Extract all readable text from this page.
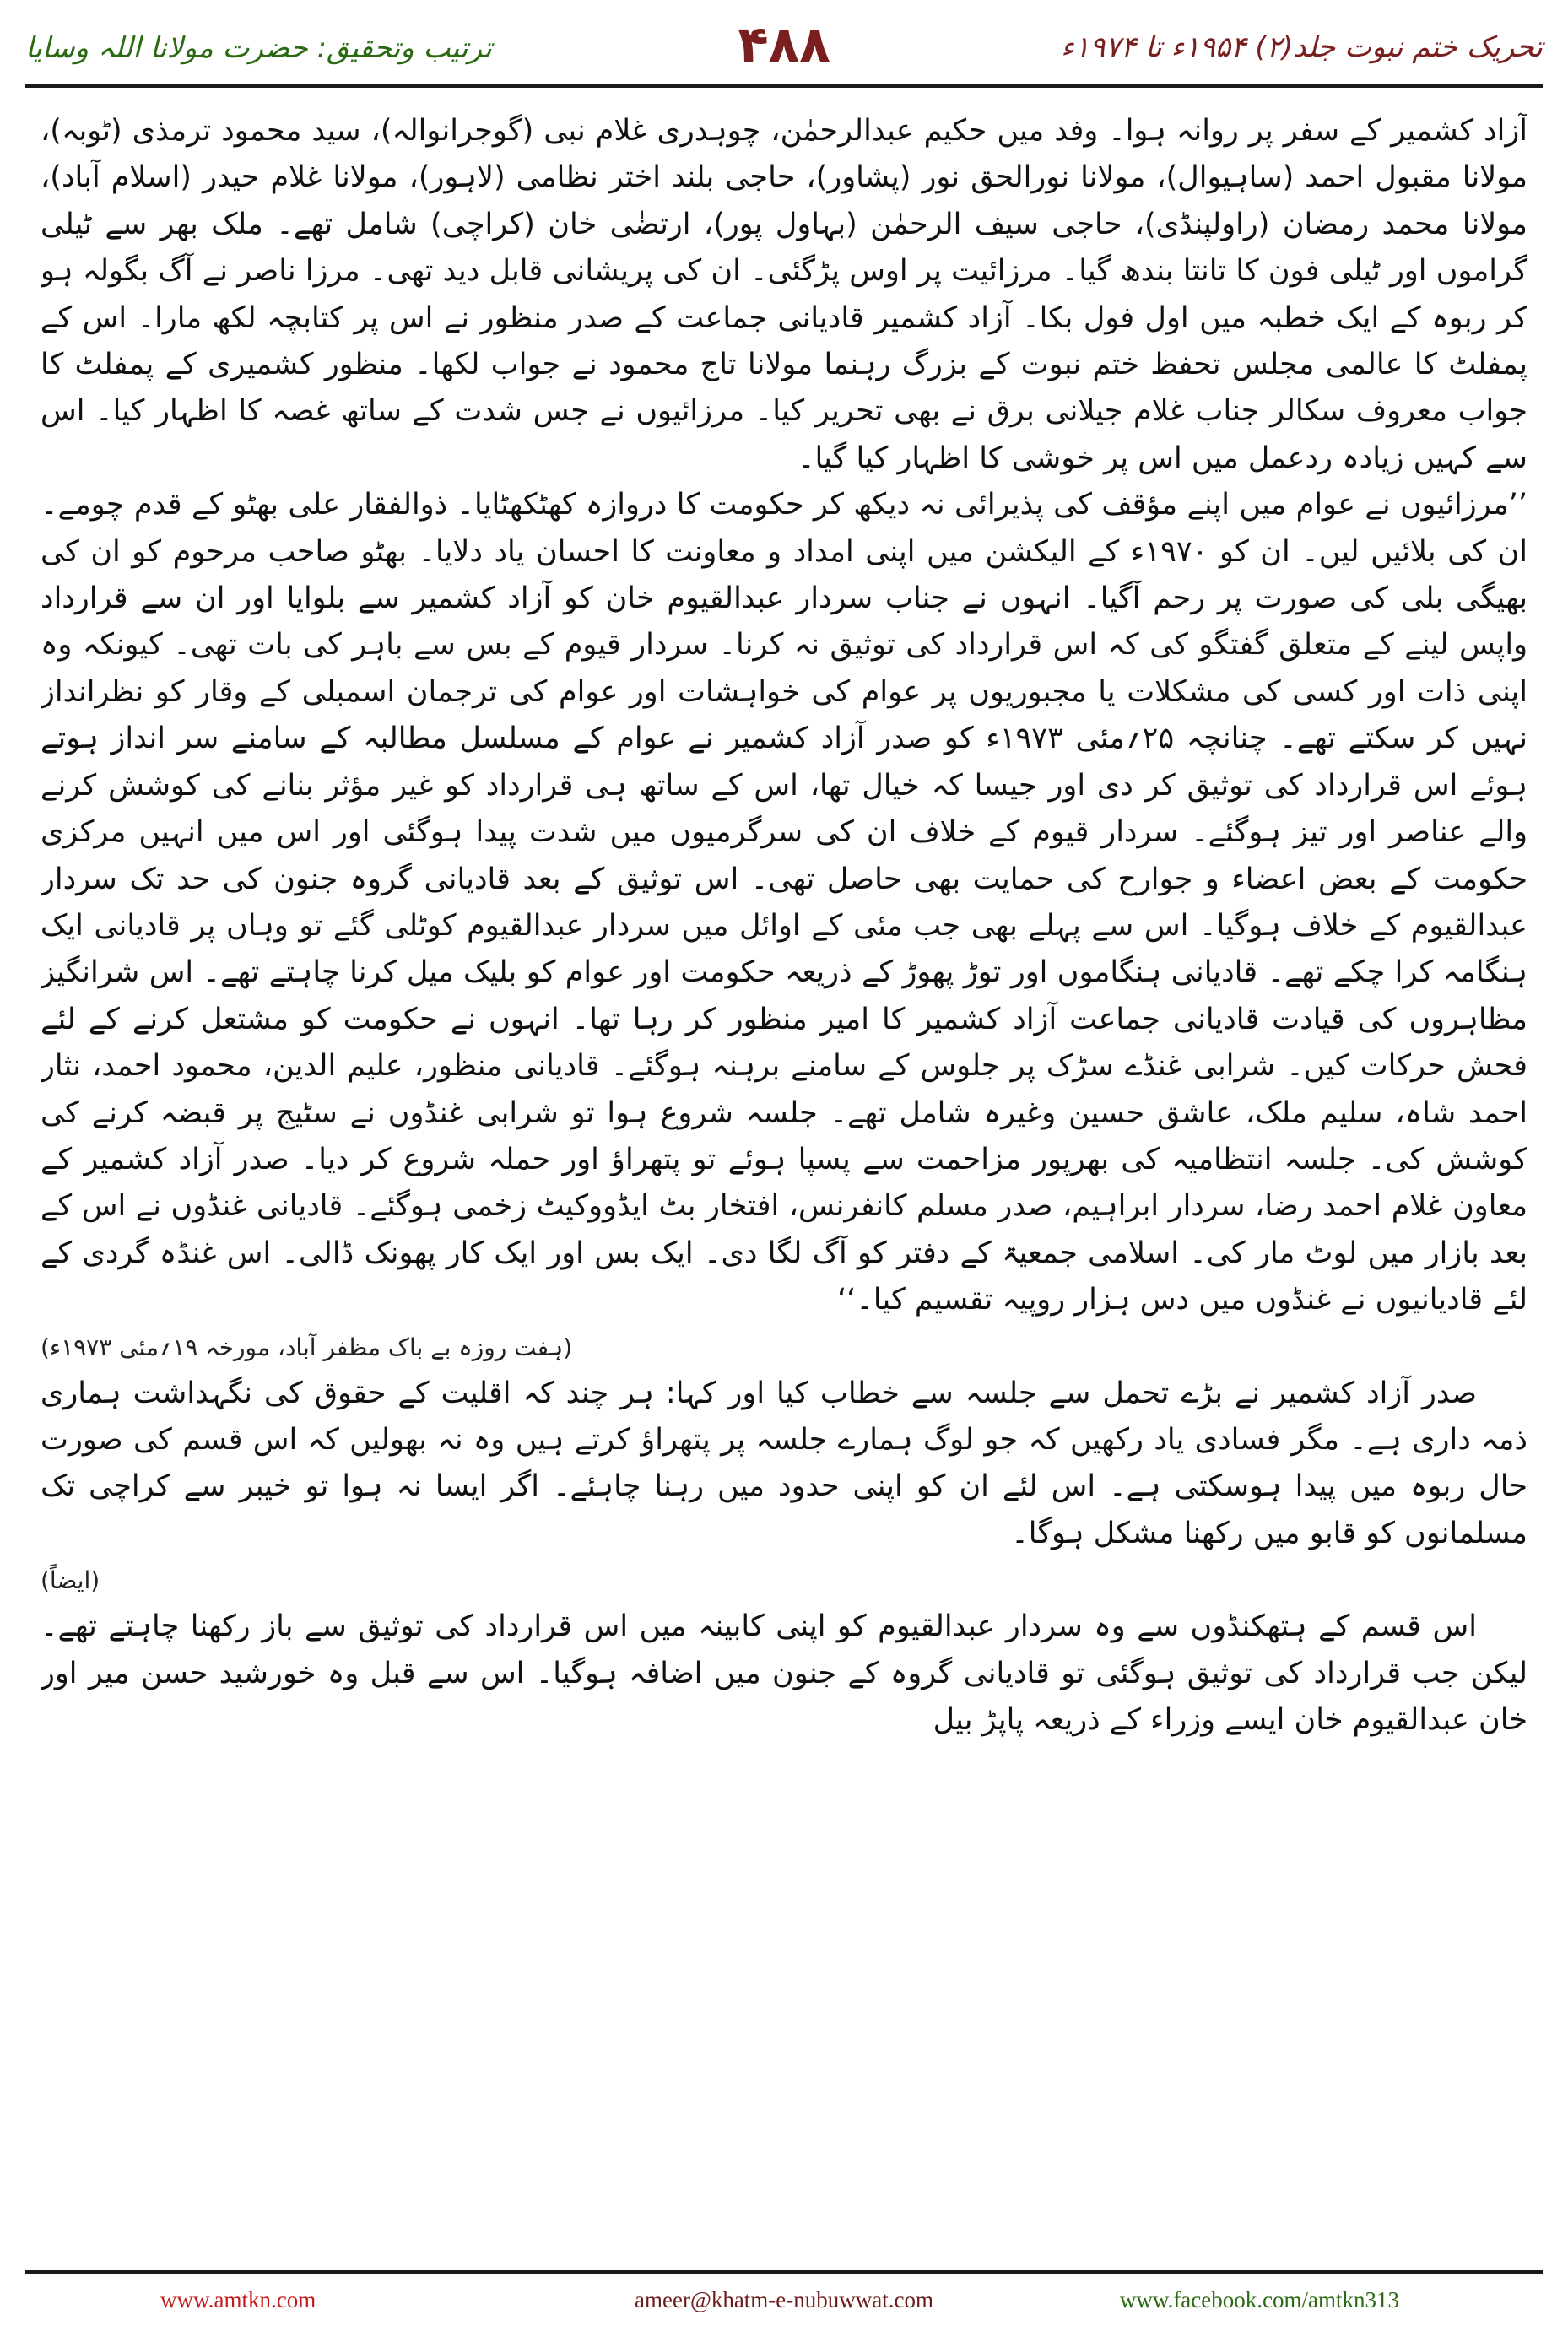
تحریک ختم نبوت جلد(۲) ۱۹۵۴ء تا ۱۹۷۴ء
۴۸۸
ترتیب وتحقیق: حضرت مولانا اللہ وسایا

آزاد کشمیر کے سفر پر روانہ ہوا۔ وفد میں حکیم عبدالرحمٰن، چوہدری غلام نبی (گوجرانوالہ)، سید محمود ترمذی (ٹوبہ)، مولانا مقبول احمد (ساہیوال)، مولانا نورالحق نور (پشاور)، حاجی بلند اختر نظامی (لاہور)، مولانا غلام حیدر (اسلام آباد)، مولانا محمد رمضان (راولپنڈی)، حاجی سیف الرحمٰن (بہاول پور)، ارتضٰی خان (کراچی) شامل تھے۔ ملک بھر سے ٹیلی گراموں اور ٹیلی فون کا تانتا بندھ گیا۔ مرزائیت پر اوس پڑگئی۔ ان کی پریشانی قابل دید تھی۔ مرزا ناصر نے آگ بگولہ ہو کر ربوہ کے ایک خطبہ میں اول فول بکا۔ آزاد کشمیر قادیانی جماعت کے صدر منظور نے اس پر کتابچہ لکھ مارا۔ اس کے پمفلٹ کا عالمی مجلس تحفظ ختم نبوت کے بزرگ رہنما مولانا تاج محمود نے جواب لکھا۔ منظور کشمیری کے پمفلٹ کا جواب معروف سکالر جناب غلام جیلانی برق نے بھی تحریر کیا۔ مرزائیوں نے جس شدت کے ساتھ غصہ کا اظہار کیا۔ اس سے کہیں زیادہ ردعمل میں اس پر خوشی کا اظہار کیا گیا۔

’’مرزائیوں نے عوام میں اپنے مؤقف کی پذیرائی نہ دیکھ کر حکومت کا دروازہ کھٹکھٹایا۔ ذوالفقار علی بھٹو کے قدم چومے۔ ان کی بلائیں لیں۔ ان کو ۱۹۷۰ء کے الیکشن میں اپنی امداد و معاونت کا احسان یاد دلایا۔ بھٹو صاحب مرحوم کو ان کی بھیگی بلی کی صورت پر رحم آگیا۔ انہوں نے جناب سردار عبدالقیوم خان کو آزاد کشمیر سے بلوایا اور ان سے قرارداد واپس لینے کے متعلق گفتگو کی کہ اس قرارداد کی توثیق نہ کرنا۔ سردار قیوم کے بس سے باہر کی بات تھی۔ کیونکہ وہ اپنی ذات اور کسی کی مشکلات یا مجبوریوں پر عوام کی خواہشات اور عوام کی ترجمان اسمبلی کے وقار کو نظرانداز نہیں کر سکتے تھے۔ چنانچہ ۲۵؍مئی ۱۹۷۳ء کو صدر آزاد کشمیر نے عوام کے مسلسل مطالبہ کے سامنے سر انداز ہوتے ہوئے اس قرارداد کی توثیق کر دی اور جیسا کہ خیال تھا، اس کے ساتھ ہی قرارداد کو غیر مؤثر بنانے کی کوشش کرنے والے عناصر اور تیز ہوگئے۔ سردار قیوم کے خلاف ان کی سرگرمیوں میں شدت پیدا ہوگئی اور اس میں انہیں مرکزی حکومت کے بعض اعضاء و جوارح کی حمایت بھی حاصل تھی۔ اس توثیق کے بعد قادیانی گروہ جنون کی حد تک سردار عبدالقیوم کے خلاف ہوگیا۔ اس سے پہلے بھی جب مئی کے اوائل میں سردار عبدالقیوم کوٹلی گئے تو وہاں پر قادیانی ایک ہنگامہ کرا چکے تھے۔ قادیانی ہنگاموں اور توڑ پھوڑ کے ذریعہ حکومت اور عوام کو بلیک میل کرنا چاہتے تھے۔ اس شرانگیز مظاہروں کی قیادت قادیانی جماعت آزاد کشمیر کا امیر منظور کر رہا تھا۔ انہوں نے حکومت کو مشتعل کرنے کے لئے فحش حرکات کیں۔ شرابی غنڈے سڑک پر جلوس کے سامنے برہنہ ہوگئے۔ قادیانی منظور، علیم الدین، محمود احمد، نثار احمد شاہ، سلیم ملک، عاشق حسین وغیرہ شامل تھے۔ جلسہ شروع ہوا تو شرابی غنڈوں نے سٹیج پر قبضہ کرنے کی کوشش کی۔ جلسہ انتظامیہ کی بھرپور مزاحمت سے پسپا ہوئے تو پتھراؤ اور حملہ شروع کر دیا۔ صدر آزاد کشمیر کے معاون غلام احمد رضا، سردار ابراہیم، صدر مسلم کانفرنس، افتخار بٹ ایڈووکیٹ زخمی ہوگئے۔ قادیانی غنڈوں نے اس کے بعد بازار میں لوٹ مار کی۔ اسلامی جمعیۃ کے دفتر کو آگ لگا دی۔ ایک بس اور ایک کار پھونک ڈالی۔ اس غنڈہ گردی کے لئے قادیانیوں نے غنڈوں میں دس ہزار روپیہ تقسیم کیا۔‘‘

(ہفت روزہ بے باک مظفر آباد، مورخہ ۱۹؍مئی ۱۹۷۳ء)

صدر آزاد کشمیر نے بڑے تحمل سے جلسہ سے خطاب کیا اور کہا: ہر چند کہ اقلیت کے حقوق کی نگہداشت ہماری ذمہ داری ہے۔ مگر فسادی یاد رکھیں کہ جو لوگ ہمارے جلسہ پر پتھراؤ کرتے ہیں وہ نہ بھولیں کہ اس قسم کی صورت حال ربوہ میں پیدا ہوسکتی ہے۔ اس لئے ان کو اپنی حدود میں رہنا چاہئے۔ اگر ایسا نہ ہوا تو خیبر سے کراچی تک مسلمانوں کو قابو میں رکھنا مشکل ہوگا۔

(ایضاً)

اس قسم کے ہتھکنڈوں سے وہ سردار عبدالقیوم کو اپنی کابینہ میں اس قرارداد کی توثیق سے باز رکھنا چاہتے تھے۔ لیکن جب قرارداد کی توثیق ہوگئی تو قادیانی گروہ کے جنون میں اضافہ ہوگیا۔ اس سے قبل وہ خورشید حسن میر اور خان عبدالقیوم خان ایسے وزراء کے ذریعہ پاپڑ بیل

www.amtkn.com	ameer@khatm-e-nubuwwat.com	www.facebook.com/amtkn313
